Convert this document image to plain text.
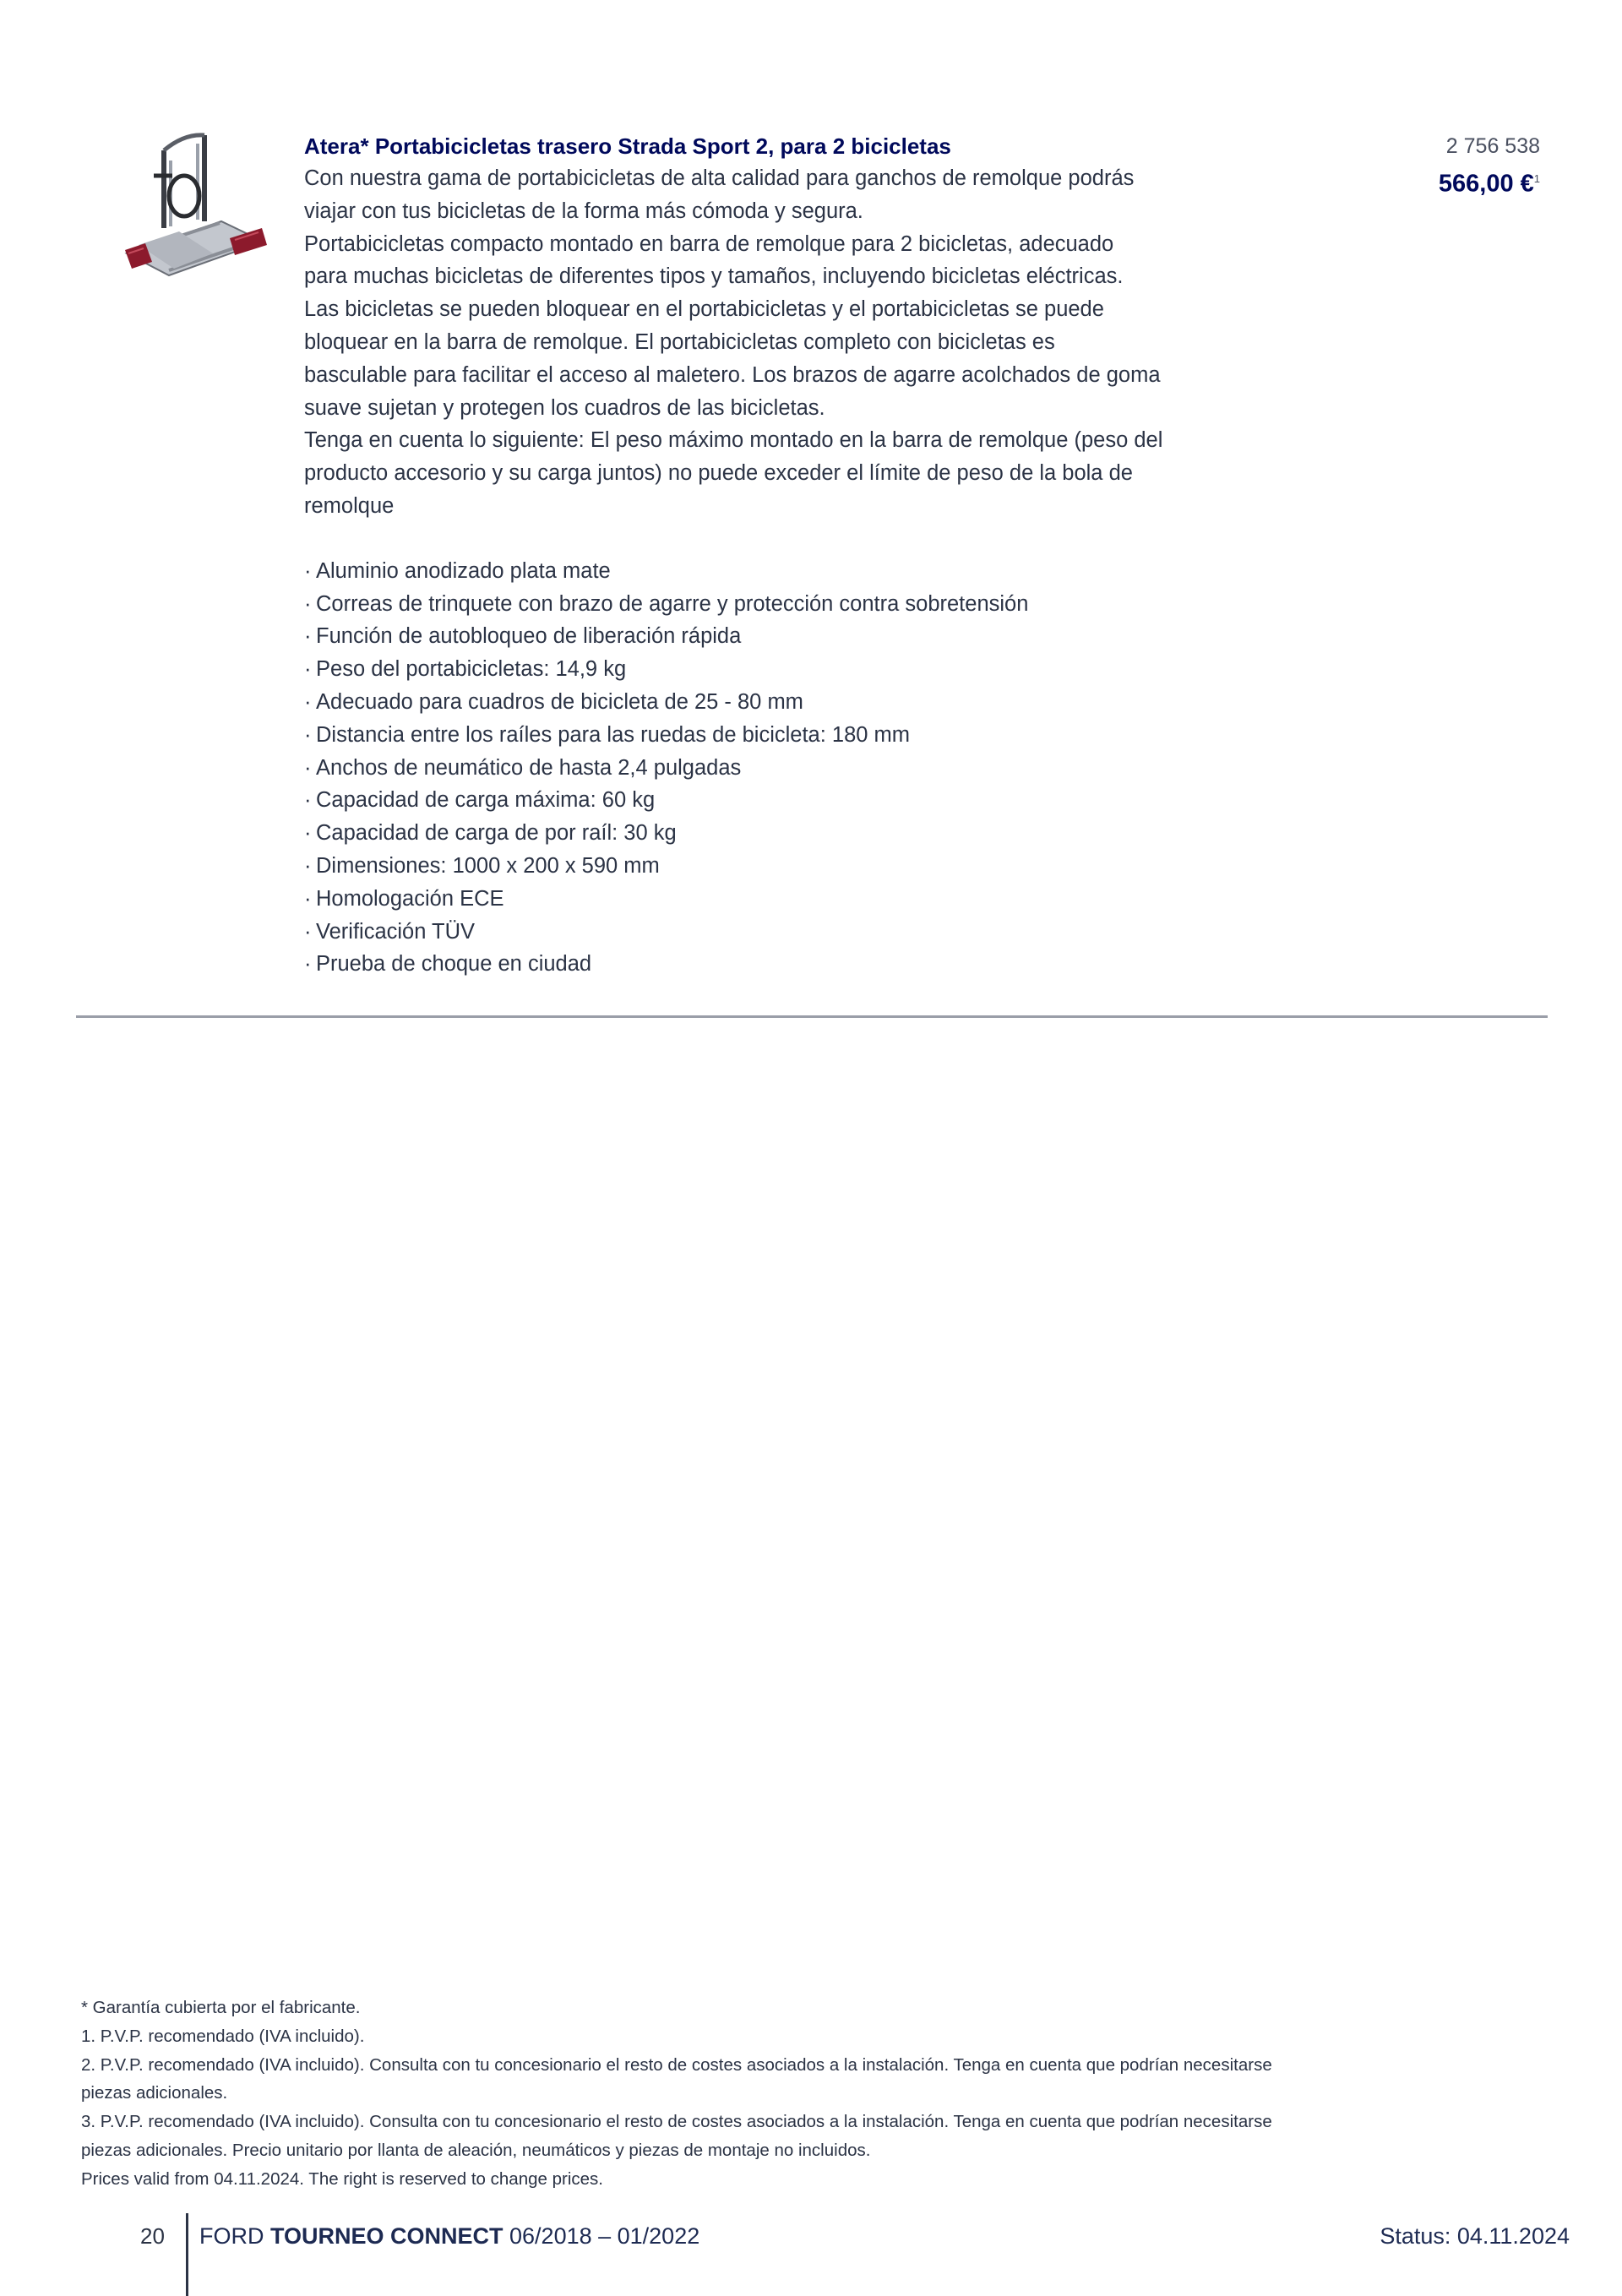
Atera* Portabicicletas trasero Strada Sport 2, para 2 bicicletas

Con nuestra gama de portabicicletas de alta calidad para ganchos de remolque podrás

viajar con tus bicicletas de la forma más cómoda y segura.

Portabicicletas compacto montado en barra de remolque para 2 bicicletas, adecuado

para muchas bicicletas de diferentes tipos y tamaños, incluyendo bicicletas eléctricas.

Las bicicletas se pueden bloquear en el portabicicletas y el portabicicletas se puede

bloquear en la barra de remolque. El portabicicletas completo con bicicletas es

basculable para facilitar el acceso al maletero. Los brazos de agarre acolchados de goma

suave sujetan y protegen los cuadros de las bicicletas.

Tenga en cuenta lo siguiente: El peso máximo montado en la barra de remolque (peso del

producto accesorio y su carga juntos) no puede exceder el límite de peso de la bola de

remolque

· Aluminio anodizado plata mate
· Correas de trinquete con brazo de agarre y protección contra sobretensión
· Función de autobloqueo de liberación rápida
· Peso del portabicicletas: 14,9 kg
· Adecuado para cuadros de bicicleta de 25 - 80 mm
· Distancia entre los raíles para las ruedas de bicicleta: 180 mm
· Anchos de neumático de hasta 2,4 pulgadas
· Capacidad de carga máxima: 60 kg
· Capacidad de carga de por raíl: 30 kg
· Dimensiones: 1000 x 200 x 590 mm
· Homologación ECE
· Verificación TÜV
· Prueba de choque en ciudad
2 756 538
566,00 €$^1$

* Garantía cubierta por el fabricante.

1. P.V.P. recomendado (IVA incluido).

2. P.V.P. recomendado (IVA incluido). Consulta con tu concesionario el resto de costes asociados a la instalación. Tenga en cuenta que podrían necesitarse

piezas adicionales.

3. P.V.P. recomendado (IVA incluido). Consulta con tu concesionario el resto de costes asociados a la instalación. Tenga en cuenta que podrían necesitarse

piezas adicionales. Precio unitario por llanta de aleación, neumáticos y piezas de montaje no incluidos.

Prices valid from 04.11.2024. The right is reserved to change prices.

20 FORD TOURNEO CONNECT 06/2018 – 01/2022	Status: 04.11.2024
